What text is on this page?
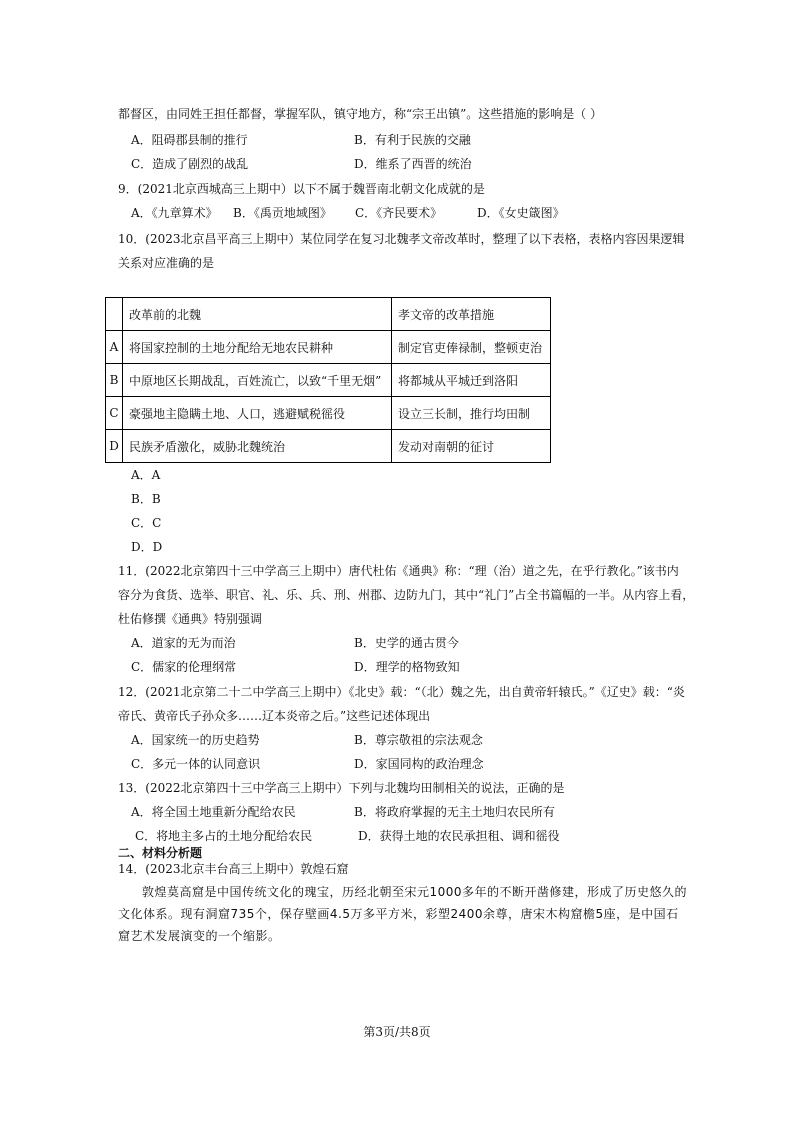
都督区，由同姓王担任都督，掌握军队，镇守地方，称“宗王出镇”。这些措施的影响是（ ）
A．阻碍郡县制的推行	B．有利于民族的交融
C．造成了剧烈的战乱	D．维系了西晋的统治
9．(2021北京西城高三上期中）以下不属于魏晋南北朝文化成就的是
A．《九章算术》 B．《禹贡地域图》 C．《齐民要术》	D．《女史箴图》
10．(2023北京昌平高三上期中）某位同学在复习北魏孝文帝改革时，整理了以下表格，表格内容因果逻辑
关系对应准确的是
	改革前的北魏	孝文帝的改革措施
A	将国家控制的土地分配给无地农民耕种	制定官吏俸禄制，整顿吏治
B	中原地区长期战乱，百姓流亡，以致“千里无烟”	将都城从平城迁到洛阳
C	豪强地主隐瞒土地、人口，逃避赋税徭役	设立三长制，推行均田制
D	民族矛盾激化，威胁北魏统治	发动对南朝的征讨
A．A
B．B
C．C
D．D
11．(2022北京第四十三中学高三上期中）唐代杜佑《通典》称：“理（治）道之先，在乎行教化。”该书内
容分为食货、选举、职官、礼、乐、兵、刑、州郡、边防九门，其中“礼门”占全书篇幅的一半。从内容上看，
杜佑修撰《通典》特别强调
A．道家的无为而治	B．史学的通古贯今
C．儒家的伦理纲常	D．理学的格物致知
12．(2021北京第二十二中学高三上期中）《北史》载：“（北）魏之先，出自黄帝轩辕氏。”《辽史》载：“炎
帝氏、黄帝氏子孙众多……辽本炎帝之后。”这些记述体现出
A．国家统一的历史趋势	B．尊宗敬祖的宗法观念
C．多元一体的认同意识	D．家国同构的政治理念
13．(2022北京第四十三中学高三上期中）下列与北魏均田制相关的说法，正确的是
A．将全国土地重新分配给农民	B．将政府掌握的无主土地归农民所有
C．将地主多占的土地分配给农民	D．获得土地的农民承担租、调和徭役
二、材料分析题
14．(2023北京丰台高三上期中）敦煌石窟
敦煌莫高窟是中国传统文化的瑰宝，历经北朝至宋元1000多年的不断开凿修建，形成了历史悠久的文化体系。现有洞窟735个，保存壁画4.5万多平方米，彩塑2400余尊，唐宋木构窟檐5座，是中国石窟艺术发展演变的一个缩影。
第3页/共8页
